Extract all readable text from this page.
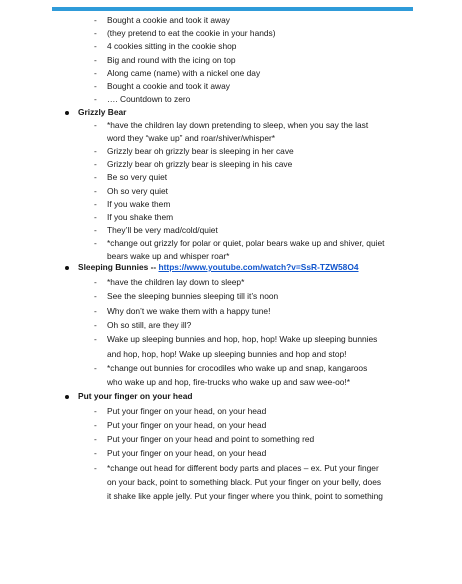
- Bought a cookie and took it away
- (they pretend to eat the cookie in your hands)
- 4 cookies sitting in the cookie shop
- Big and round with the icing on top
- Along came (name) with a nickel one day
- Bought a cookie and took it away
- …. Countdown to zero
Grizzly Bear
- *have the children lay down pretending to sleep, when you say the last
word they “wake up” and roar/shiver/whisper*
- Grizzly bear oh grizzly bear is sleeping in her cave
- Grizzly bear oh grizzly bear is sleeping in his cave
- Be so very quiet
- Oh so very quiet
- If you wake them
- If you shake them
- They’ll be very mad/cold/quiet
- *change out grizzly for polar or quiet, polar bears wake up and shiver, quiet
bears wake up and whisper roar*
Sleeping Bunnies -- https://www.youtube.com/watch?v=SsR-TZW58O4
- *have the children lay down to sleep*
- See the sleeping bunnies sleeping till it’s noon
- Why don’t we wake them with a happy tune!
- Oh so still, are they ill?
- Wake up sleeping bunnies and hop, hop, hop! Wake up sleeping bunnies
and hop, hop, hop! Wake up sleeping bunnies and hop and stop!
- *change out bunnies for crocodiles who wake up and snap, kangaroos
who wake up and hop, fire-trucks who wake up and saw wee-oo!*
Put your finger on your head
- Put your finger on your head, on your head
- Put your finger on your head, on your head
- Put your finger on your head and point to something red
- Put your finger on your head, on your head
- *change out head for different body parts and places – ex. Put your finger
on your back, point to something black. Put your finger on your belly, does
it shake like apple jelly. Put your finger where you think, point to something
